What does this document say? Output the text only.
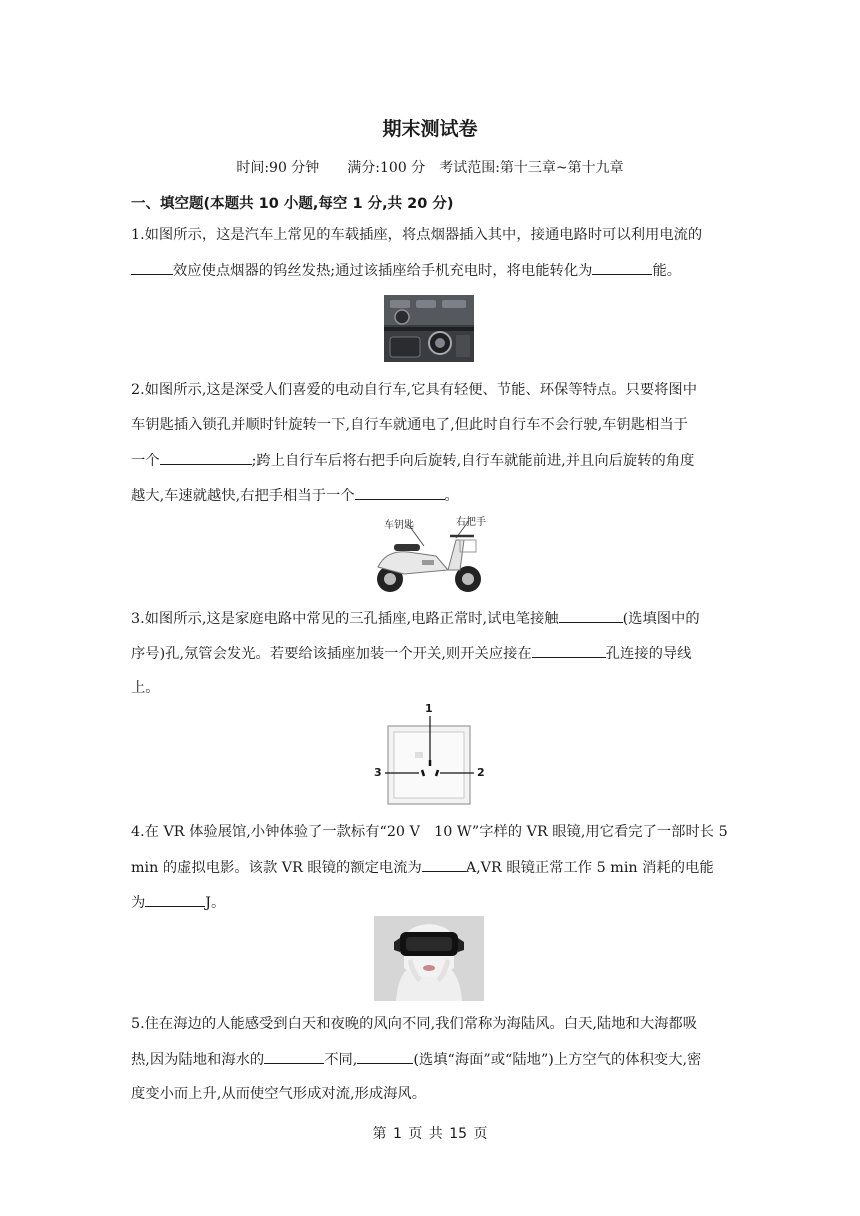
期末测试卷
时间:90 分钟　　满分:100 分　考试范围:第十三章~第十九章
一、填空题(本题共 10 小题,每空 1 分,共 20 分)
1.如图所示，这是汽车上常见的车载插座，将点烟器插入其中，接通电路时可以利用电流的
效应使点烟器的钨丝发热;通过该插座给手机充电时，将电能转化为	能。
2.如图所示,这是深受人们喜爱的电动自行车,它具有轻便、节能、环保等特点。只要将图中
车钥匙插入锁孔并顺时针旋转一下,自行车就通电了,但此时自行车不会行驶,车钥匙相当于
一个	;跨上自行车后将右把手向后旋转,自行车就能前进,并且向后旋转的角度
越大,车速就越快,右把手相当于一个	。
车钥匙	右把手
3.如图所示,这是家庭电路中常见的三孔插座,电路正常时,试电笔接触	(选填图中的
序号)孔,氖管会发光。若要给该插座加装一个开关,则开关应接在	孔连接的导线
上。
1
2
3
4.在 VR 体验展馆,小钟体验了一款标有“20 V　10 W”字样的 VR 眼镜,用它看完了一部时长 5
min 的虚拟电影。该款 VR 眼镜的额定电流为	A,VR 眼镜正常工作 5 min 消耗的电能
为	J。
5.住在海边的人能感受到白天和夜晚的风向不同,我们常称为海陆风。白天,陆地和大海都吸
热,因为陆地和海水的	不同,	(选填“海面”或“陆地”)上方空气的体积变大,密
度变小而上升,从而使空气形成对流,形成海风。
第 1 页 共 15 页
